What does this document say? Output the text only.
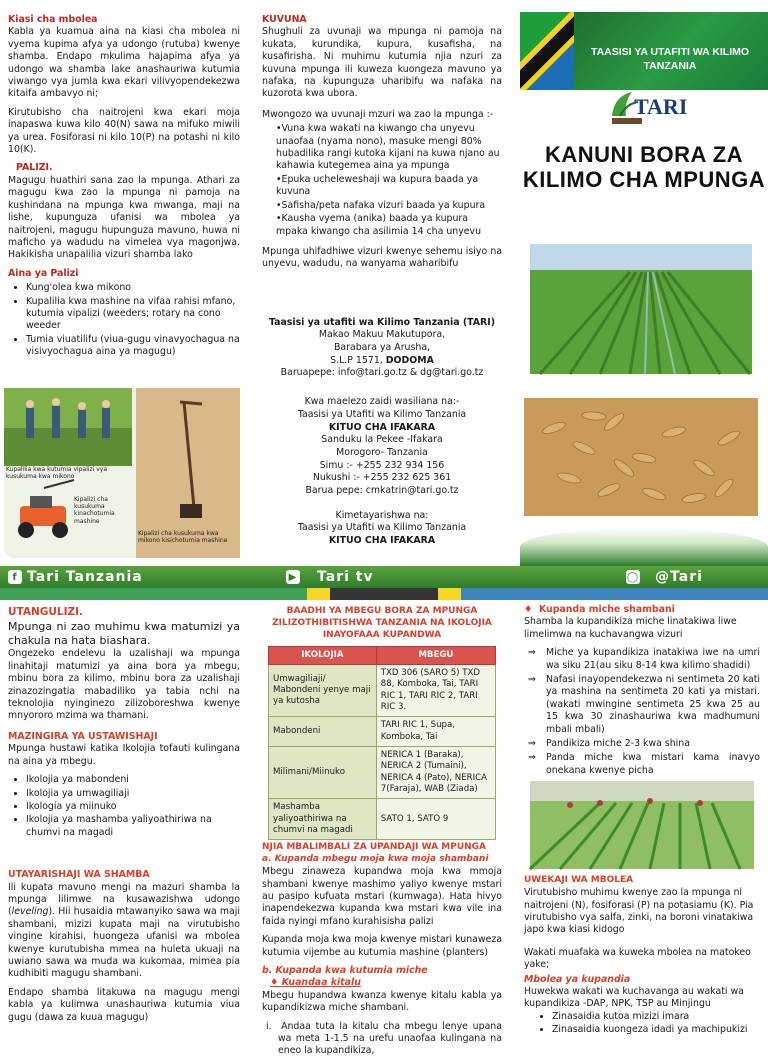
Kiasi cha mbolea

Kabla ya kuamua aina na kiasi cha mbolea ni vyema kupima afya ya udongo (rutuba) kwenye shamba. Endapo mkulima hajapima afya ya udongo wa shamba lake anashauriwa kutumia viwango vya jumla kwa ekari vilivyopendekezwa kitaifa ambavyo ni;

Kirutubisho cha naitrojeni kwa ekari moja inapaswa kuwa kilo 40(N) sawa na mifuko miwili ya urea. Fosiforasi ni kilo 10(P) na potashi ni kilo 10(K).

PALIZI.

Magugu huathiri sana zao la mpunga. Athari za magugu kwa zao la mpunga ni pamoja na kushindana na mpunga kwa mwanga, maji na lishe, kupunguza ufanisi wa mbolea ya naitrojeni, magugu hupunguza mavuno, huwa ni maficho ya wadudu na vimelea vya magonjwa. Hakikisha unapalilia vizuri shamba lako

Aina ya Palizi
• Kung'olea kwa mikono
• Kupalilia kwa mashine na vifaa rahisi mfano, kutumia vipalizi (weeders; rotary na cono weeder
• Tumia viuatilifu (viua-gugu vinavyochagua na visivyochagua aina ya magugu)
Kupalilia kwa kutumia vipalizi vya kusukuma kwa mikono
Kipalizi cha kusukuma kinachotumia mashine
Kipalizi cha kusukuma kwa mikono kisichotumia mashine
KUVUNA

Shughuli za uvunaji wa mpunga ni pamoja na kukata, kurundika, kupura, kusafisha, na kusafirisha. Ni muhimu kutumia njia nzuri za kuvuna mpunga ili kuweza kuongeza mavuno ya nafaka, na kupunguza uharibifu wa nafaka na kuzorota kwa ubora.

Mwongozo wa uvunaji mzuri wa zao la mpunga :-
•Vuna kwa wakati na kiwango cha unyevu unaofaa (nyama nono), masuke mengi 80% hubadilika rangi kutoka kijani na kuwa njano au kahawia kutegemea aina ya mpunga
•Epuka ucheleweshaji wa kupura baada ya kuvuna
•Safisha/peta nafaka vizuri baada ya kupura
•Kausha vyema (anika) baada ya kupura mpaka kiwango cha asilimia 14 cha unyevu

Mpunga uhifadhiwe vizuri kwenye sehemu isiyo na unyevu, wadudu, na wanyama waharibifu

Taasisi ya utafiti wa Kilimo Tanzania (TARI)
Makao Makuu Makutupora,
Barabara ya Arusha,
S.L.P 1571, DODOMA
Baruapepe: info@tari.go.tz & dg@tari.go.tz
Kwa maelezo zaidi wasiliana na:-
Taasisi ya Utafiti wa Kilimo Tanzania
KITUO CHA IFAKARA
Sanduku la Pekee -Ifakara
Morogoro- Tanzania
Simu :- +255 232 934 156
Nukushi :- +255 232 625 361
Barua pepe: cmkatrin@tari.go.tz
Kimetayarishwa na:
Taasisi ya Utafiti wa Kilimo Tanzania
KITUO CHA IFAKARA
TAASISI YA UTAFITI WA KILIMO TANZANIA
TARI
KANUNI BORA ZA
KILIMO CHA MPUNGA
f Tari Tanzania	▶ Tari tv	◯ @Tari
UTANGULIZI.

Mpunga ni zao muhimu kwa matumizi ya chakula na hata biashara.

Ongezeko endelevu la uzalishaji wa mpunga linahitaji matumizi ya aina bora ya mbegu, mbinu bora za kilimo, mbinu bora za uzalishaji zinazozingatia mabadiliko ya tabia nchi na teknolojia nyinginezo zilizoboreshwa kwenye mnyororo mzima wa thamani.

MAZINGIRA YA USTAWISHAJI

Mpunga hustawi katika Ikolojia tofauti kulingana na aina ya mbegu.

• Ikolojia ya mabondeni
• Ikolojia ya umwagiliaji
• Ikologia ya miinuko
• Ikolojia ya mashamba yaliyoathiriwa na chumvi na magadi
UTAYARISHAJI WA SHAMBA

Ili kupata mavuno mengi na mazuri shamba la mpunga lilimwe na kusawazishwa udongo (leveling). Hii husaidia mtawanyiko sawa wa maji shambani, mizizi kupata maji na virutubisho vingine kirahisi, huongeza ufanisi wa mbolea kwenye kurutubisha mmea na huleta ukuaji na uwiano sawa wa muda wa kukomaa, mimea pia kudhibiti magugu shambani.

Endapo shamba litakuwa na magugu mengi kabla ya kulimwa unashauriwa kutumia viua gugu (dawa za kuua magugu)

BAADHI YA MBEGU BORA ZA MPUNGA ZILIZOTHIBITISHWA TANZANIA NA IKOLOJIA INAYOFAAA KUPANDWA
IKOLOJIA	MBEGU
Umwagiliaji/ Mabondeni yenye maji ya kutosha	TXD 306 (SARO 5) TXD 88, Komboka, Tai, TARI RIC 1, TARI RIC 2, TARI RIC 3.
Mabondeni	TARI RIC 1, Supa, Komboka, Tai
Milimani/Miinuko	NERICA 1 (Baraka), NERICA 2 (Tumaini), NERICA 4 (Pato), NERICA 7(Faraja), WAB (Ziada)
Mashamba yaliyoathiriwa na chumvi na magadi	SATO 1, SATO 9
NJIA MBALIMBALI ZA UPANDAJI WA MPUNGA
a. Kupanda mbegu moja kwa moja shambani

Mbegu zinaweza kupandwa moja kwa mmoja shambani kwenye mashimo yaliyo kwenye mstari au pasipo kufuata mstari (kumwaga). Hata hivyo inapendekezwa kupanda kwa mstari kwa vile ina faida nyingi mfano kurahisisha palizi

Kupanda moja kwa moja kwenye mistari kunaweza kutumia vijembe au kutumia mashine (planters)

b. Kupanda kwa kutumia miche
♦ Kuandaa kitalu

Mbegu hupandwa kwanza kwenye kitalu kabla ya kupandikizwa miche shambani.

i.  Andaa tuta la kitalu cha mbegu lenye upana wa meta 1-1.5 na urefu unaofaa kulingana na eneo la kupandikiza,
♦  Kupanda miche shambani

Shamba la kupandikiza miche linatakiwa liwe limelimwa na kuchavangwa vizuri

⇒ Miche ya kupandikiza inatakiwa iwe na umri wa siku 21(au siku 8-14 kwa kilimo shadidi)
⇒ Nafasi inayopendekezwa ni sentimeta 20 kati ya mashina na sentimeta 20 kati ya mistari. (wakati mwingine sentimeta 25 kwa 25 au 15 kwa 30 zinashauriwa kwa madhumuni mbali mbali)
⇒ Pandikiza miche 2-3 kwa shina
⇒ Panda miche kwa mistari kama inavyo onekana kwenye picha
UWEKAJI WA MBOLEA

Virutubisho muhimu kwenye zao la mpunga ni naitrojeni (N), fosiforasi (P) na potasiamu (K). Pia virutubisho vya salfa, zinki, na boroni vinatakiwa japo kwa kiasi kidogo

Wakati muafaka wa kuweka mbolea na matokeo yake;

Mbolea ya kupandia

Huwekwa wakati wa kuchavanga au wakati wa kupandikiza -DAP, NPK, TSP au Minjingu

• Zinasaidia kutoa mizizi imara
• Zinasaidia kuongeza idadi ya machipukizi
